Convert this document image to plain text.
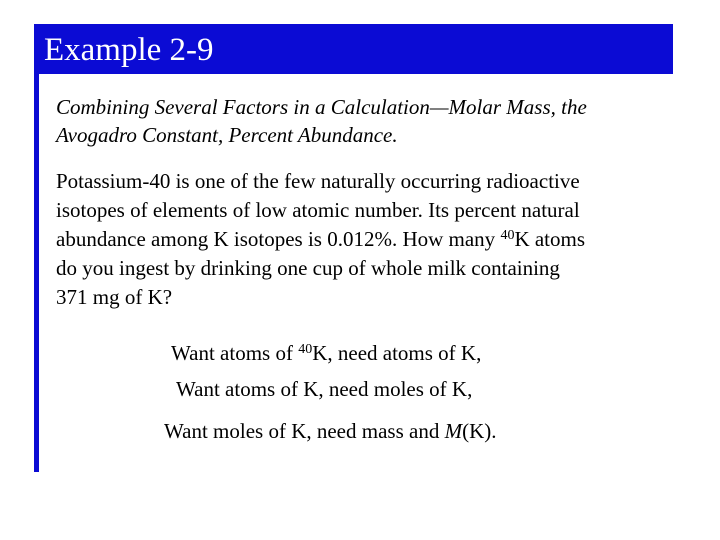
Example 2-9
Combining Several Factors in a Calculation—Molar Mass, the
Avogadro Constant, Percent Abundance.
Potassium-40 is one of the few naturally occurring radioactive
isotopes of elements of low atomic number. Its percent natural
abundance among K isotopes is 0.012%. How many $^{40}$K atoms
do you ingest by drinking one cup of whole milk containing
371 mg of K?
Want atoms of $^{40}$K, need atoms of K,
Want atoms of K, need moles of K,
Want moles of K, need mass and M(K).
